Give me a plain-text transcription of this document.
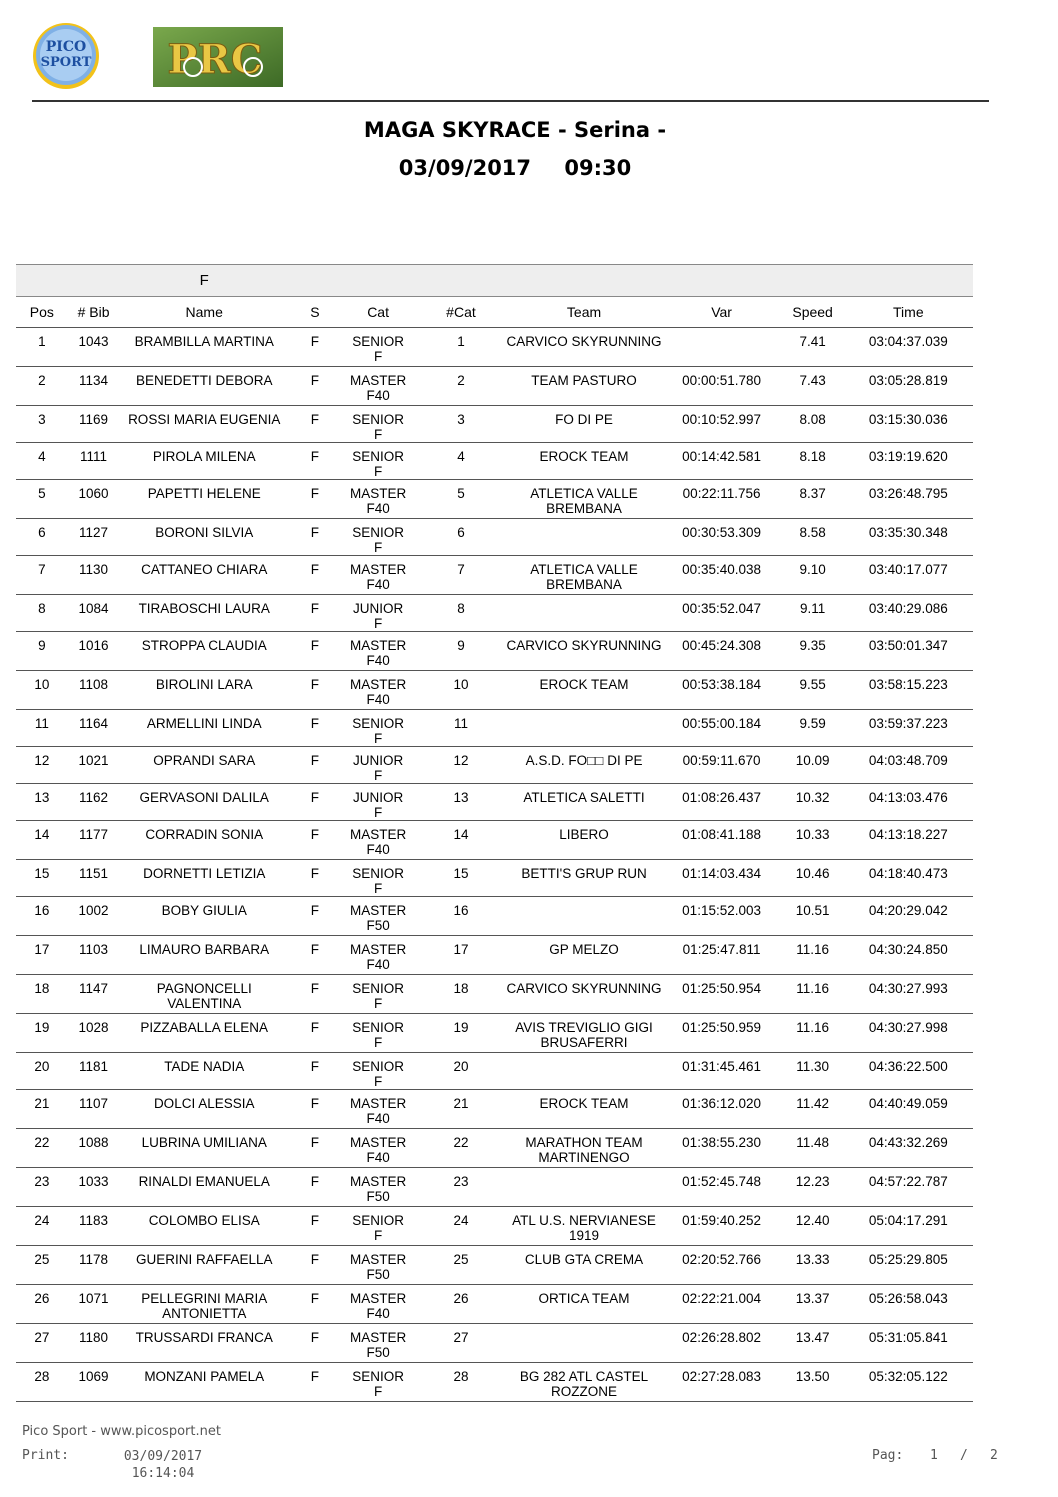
PICO
SPORT PRC
MAGA SKYRACE - Serina -
03/09/2017 09:30
		F							
Pos	# Bib	Name	S	Cat	#Cat	Team	Var	Speed	Time

1	1043	BRAMBILLA MARTINA	F	SENIOR F	1	CARVICO SKYRUNNING		7.41	03:04:37.039

2	1134	BENEDETTI DEBORA	F	MASTER F40	2	TEAM PASTURO	00:00:51.780	7.43	03:05:28.819

3	1169	ROSSI MARIA EUGENIA	F	SENIOR F	3	FO DI PE	00:10:52.997	8.08	03:15:30.036

4	1111	PIROLA MILENA	F	SENIOR F	4	EROCK TEAM	00:14:42.581	8.18	03:19:19.620

5	1060	PAPETTI HELENE	F	MASTER F40	5	ATLETICA VALLE BREMBANA	00:22:11.756	8.37	03:26:48.795

6	1127	BORONI SILVIA	F	SENIOR F	6		00:30:53.309	8.58	03:35:30.348

7	1130	CATTANEO CHIARA	F	MASTER F40	7	ATLETICA VALLE BREMBANA	00:35:40.038	9.10	03:40:17.077

8	1084	TIRABOSCHI LAURA	F	JUNIOR F	8		00:35:52.047	9.11	03:40:29.086

9	1016	STROPPA CLAUDIA	F	MASTER F40	9	CARVICO SKYRUNNING	00:45:24.308	9.35	03:50:01.347

10	1108	BIROLINI LARA	F	MASTER F40	10	EROCK TEAM	00:53:38.184	9.55	03:58:15.223

11	1164	ARMELLINI LINDA	F	SENIOR F	11		00:55:00.184	9.59	03:59:37.223

12	1021	OPRANDI SARA	F	JUNIOR F	12	A.S.D. FO□□ DI PE	00:59:11.670	10.09	04:03:48.709

13	1162	GERVASONI DALILA	F	JUNIOR F	13	ATLETICA SALETTI	01:08:26.437	10.32	04:13:03.476

14	1177	CORRADIN SONIA	F	MASTER F40	14	LIBERO	01:08:41.188	10.33	04:13:18.227

15	1151	DORNETTI LETIZIA	F	SENIOR F	15	BETTI'S GRUP RUN	01:14:03.434	10.46	04:18:40.473

16	1002	BOBY GIULIA	F	MASTER F50	16		01:15:52.003	10.51	04:20:29.042

17	1103	LIMAURO BARBARA	F	MASTER F40	17	GP MELZO	01:25:47.811	11.16	04:30:24.850

18	1147	PAGNONCELLI VALENTINA	F	SENIOR F	18	CARVICO SKYRUNNING	01:25:50.954	11.16	04:30:27.993

19	1028	PIZZABALLA ELENA	F	SENIOR F	19	AVIS TREVIGLIO GIGI BRUSAFERRI	01:25:50.959	11.16	04:30:27.998

20	1181	TADE NADIA	F	SENIOR F	20		01:31:45.461	11.30	04:36:22.500

21	1107	DOLCI ALESSIA	F	MASTER F40	21	EROCK TEAM	01:36:12.020	11.42	04:40:49.059

22	1088	LUBRINA UMILIANA	F	MASTER F40	22	MARATHON TEAM MARTINENGO	01:38:55.230	11.48	04:43:32.269

23	1033	RINALDI EMANUELA	F	MASTER F50	23		01:52:45.748	12.23	04:57:22.787

24	1183	COLOMBO ELISA	F	SENIOR F	24	ATL U.S. NERVIANESE 1919	01:59:40.252	12.40	05:04:17.291

25	1178	GUERINI RAFFAELLA	F	MASTER F50	25	CLUB GTA CREMA	02:20:52.766	13.33	05:25:29.805

26	1071	PELLEGRINI MARIA ANTONIETTA	F	MASTER F40	26	ORTICA TEAM	02:22:21.004	13.37	05:26:58.043

27	1180	TRUSSARDI FRANCA	F	MASTER F50	27		02:26:28.802	13.47	05:31:05.841

28	1069	MONZANI PAMELA	F	SENIOR F	28	BG 282 ATL CASTEL ROZZONE	02:27:28.083	13.50	05:32:05.122
Pico Sport - www.picosport.net
Print:	03/09/2017
16:14:04
Pag: 1 / 2
